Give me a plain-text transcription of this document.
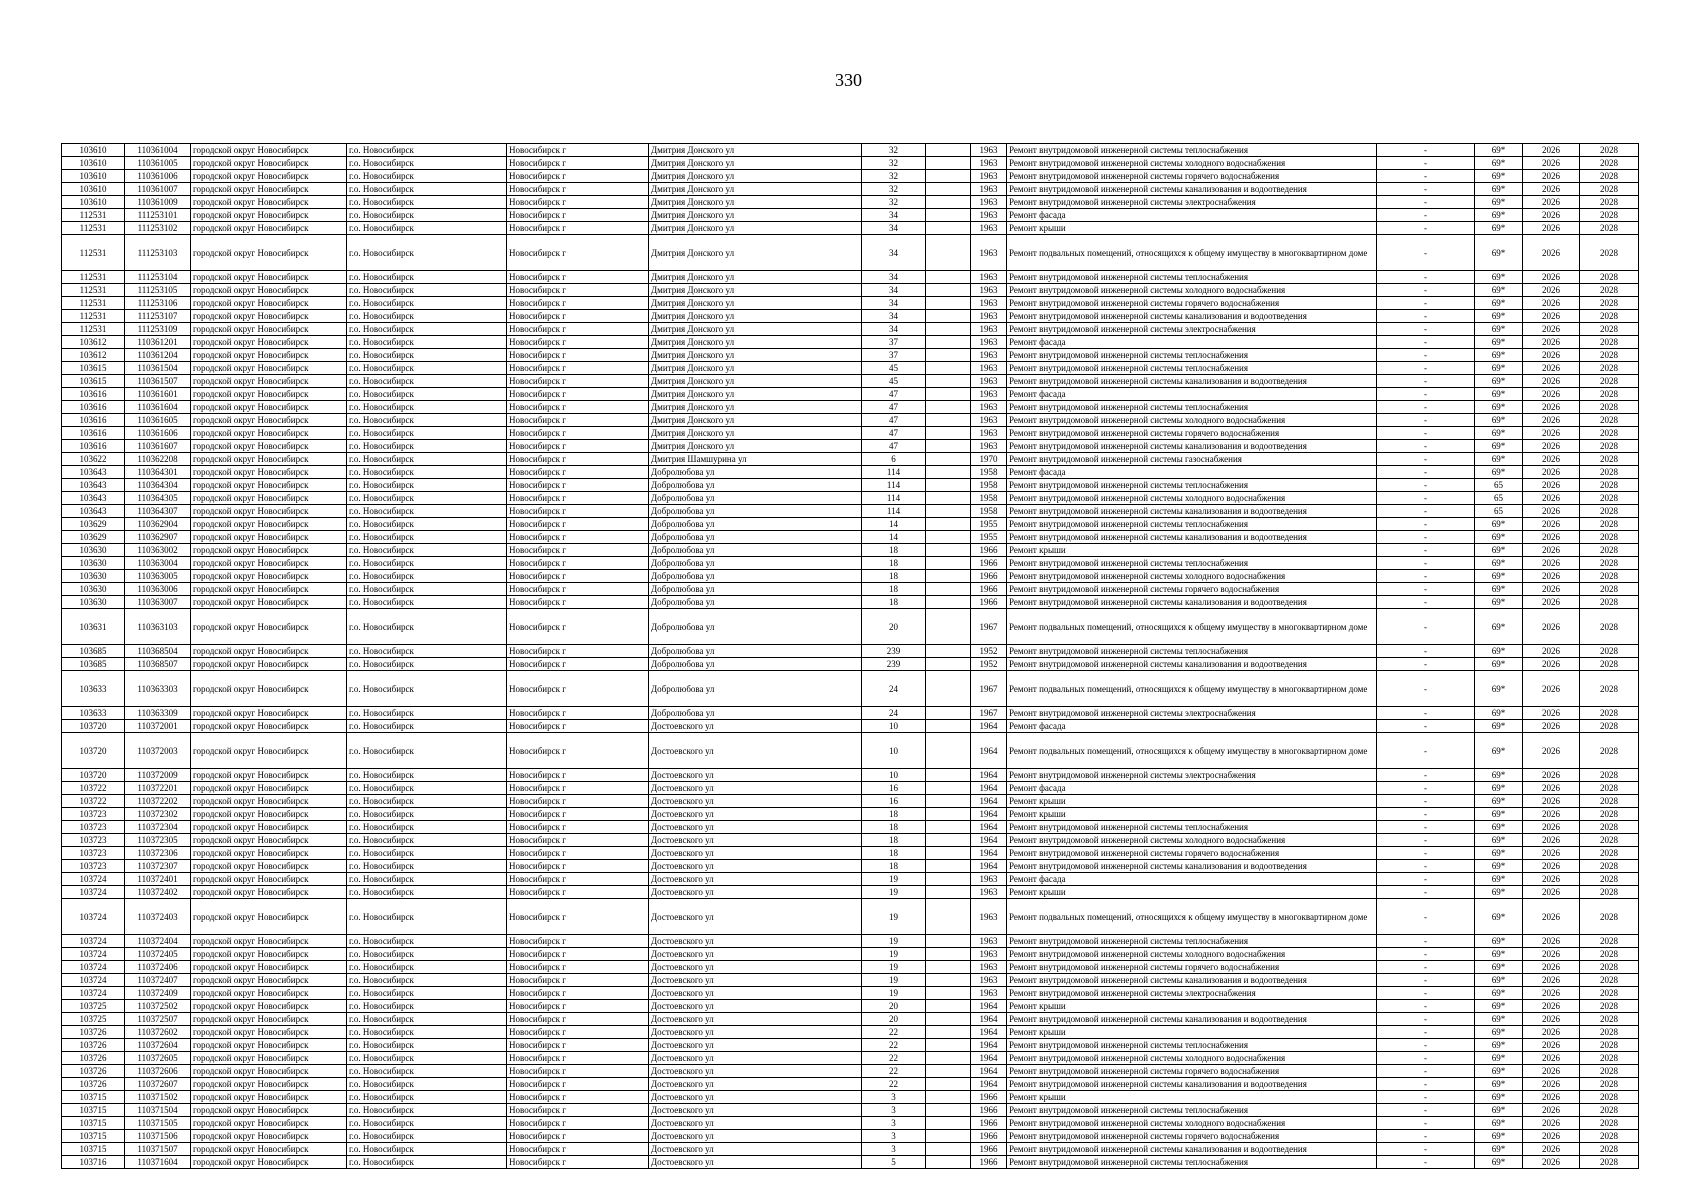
330
103610	110361004	городской округ Новосибирск	г.о. Новосибирск	Новосибирск г	Дмитрия Донского ул	32		1963	Ремонт внутридомовой инженерной системы теплоснабжения	-	69*	2026	2028
103610	110361005	городской округ Новосибирск	г.о. Новосибирск	Новосибирск г	Дмитрия Донского ул	32		1963	Ремонт внутридомовой инженерной системы холодного водоснабжения	-	69*	2026	2028
103610	110361006	городской округ Новосибирск	г.о. Новосибирск	Новосибирск г	Дмитрия Донского ул	32		1963	Ремонт внутридомовой инженерной системы горячего водоснабжения	-	69*	2026	2028
103610	110361007	городской округ Новосибирск	г.о. Новосибирск	Новосибирск г	Дмитрия Донского ул	32		1963	Ремонт внутридомовой инженерной системы канализования и водоотведения	-	69*	2026	2028
103610	110361009	городской округ Новосибирск	г.о. Новосибирск	Новосибирск г	Дмитрия Донского ул	32		1963	Ремонт внутридомовой инженерной системы электроснабжения	-	69*	2026	2028
112531	111253101	городской округ Новосибирск	г.о. Новосибирск	Новосибирск г	Дмитрия Донского ул	34		1963	Ремонт фасада	-	69*	2026	2028
112531	111253102	городской округ Новосибирск	г.о. Новосибирск	Новосибирск г	Дмитрия Донского ул	34		1963	Ремонт крыши	-	69*	2026	2028
112531	111253103	городской округ Новосибирск	г.о. Новосибирск	Новосибирск г	Дмитрия Донского ул	34		1963	Ремонт подвальных помещений, относящихся к общему имуществу в многоквартирном доме	-	69*	2026	2028
112531	111253104	городской округ Новосибирск	г.о. Новосибирск	Новосибирск г	Дмитрия Донского ул	34		1963	Ремонт внутридомовой инженерной системы теплоснабжения	-	69*	2026	2028
112531	111253105	городской округ Новосибирск	г.о. Новосибирск	Новосибирск г	Дмитрия Донского ул	34		1963	Ремонт внутридомовой инженерной системы холодного водоснабжения	-	69*	2026	2028
112531	111253106	городской округ Новосибирск	г.о. Новосибирск	Новосибирск г	Дмитрия Донского ул	34		1963	Ремонт внутридомовой инженерной системы горячего водоснабжения	-	69*	2026	2028
112531	111253107	городской округ Новосибирск	г.о. Новосибирск	Новосибирск г	Дмитрия Донского ул	34		1963	Ремонт внутридомовой инженерной системы канализования и водоотведения	-	69*	2026	2028
112531	111253109	городской округ Новосибирск	г.о. Новосибирск	Новосибирск г	Дмитрия Донского ул	34		1963	Ремонт внутридомовой инженерной системы электроснабжения	-	69*	2026	2028
103612	110361201	городской округ Новосибирск	г.о. Новосибирск	Новосибирск г	Дмитрия Донского ул	37		1963	Ремонт фасада	-	69*	2026	2028
103612	110361204	городской округ Новосибирск	г.о. Новосибирск	Новосибирск г	Дмитрия Донского ул	37		1963	Ремонт внутридомовой инженерной системы теплоснабжения	-	69*	2026	2028
103615	110361504	городской округ Новосибирск	г.о. Новосибирск	Новосибирск г	Дмитрия Донского ул	45		1963	Ремонт внутридомовой инженерной системы теплоснабжения	-	69*	2026	2028
103615	110361507	городской округ Новосибирск	г.о. Новосибирск	Новосибирск г	Дмитрия Донского ул	45		1963	Ремонт внутридомовой инженерной системы канализования и водоотведения	-	69*	2026	2028
103616	110361601	городской округ Новосибирск	г.о. Новосибирск	Новосибирск г	Дмитрия Донского ул	47		1963	Ремонт фасада	-	69*	2026	2028
103616	110361604	городской округ Новосибирск	г.о. Новосибирск	Новосибирск г	Дмитрия Донского ул	47		1963	Ремонт внутридомовой инженерной системы теплоснабжения	-	69*	2026	2028
103616	110361605	городской округ Новосибирск	г.о. Новосибирск	Новосибирск г	Дмитрия Донского ул	47		1963	Ремонт внутридомовой инженерной системы холодного водоснабжения	-	69*	2026	2028
103616	110361606	городской округ Новосибирск	г.о. Новосибирск	Новосибирск г	Дмитрия Донского ул	47		1963	Ремонт внутридомовой инженерной системы горячего водоснабжения	-	69*	2026	2028
103616	110361607	городской округ Новосибирск	г.о. Новосибирск	Новосибирск г	Дмитрия Донского ул	47		1963	Ремонт внутридомовой инженерной системы канализования и водоотведения	-	69*	2026	2028
103622	110362208	городской округ Новосибирск	г.о. Новосибирск	Новосибирск г	Дмитрия Шамшурина ул	6		1970	Ремонт внутридомовой инженерной системы газоснабжения	-	69*	2026	2028
103643	110364301	городской округ Новосибирск	г.о. Новосибирск	Новосибирск г	Добролюбова ул	114		1958	Ремонт фасада	-	69*	2026	2028
103643	110364304	городской округ Новосибирск	г.о. Новосибирск	Новосибирск г	Добролюбова ул	114		1958	Ремонт внутридомовой инженерной системы теплоснабжения	-	65	2026	2028
103643	110364305	городской округ Новосибирск	г.о. Новосибирск	Новосибирск г	Добролюбова ул	114		1958	Ремонт внутридомовой инженерной системы холодного водоснабжения	-	65	2026	2028
103643	110364307	городской округ Новосибирск	г.о. Новосибирск	Новосибирск г	Добролюбова ул	114		1958	Ремонт внутридомовой инженерной системы канализования и водоотведения	-	65	2026	2028
103629	110362904	городской округ Новосибирск	г.о. Новосибирск	Новосибирск г	Добролюбова ул	14		1955	Ремонт внутридомовой инженерной системы теплоснабжения	-	69*	2026	2028
103629	110362907	городской округ Новосибирск	г.о. Новосибирск	Новосибирск г	Добролюбова ул	14		1955	Ремонт внутридомовой инженерной системы канализования и водоотведения	-	69*	2026	2028
103630	110363002	городской округ Новосибирск	г.о. Новосибирск	Новосибирск г	Добролюбова ул	18		1966	Ремонт крыши	-	69*	2026	2028
103630	110363004	городской округ Новосибирск	г.о. Новосибирск	Новосибирск г	Добролюбова ул	18		1966	Ремонт внутридомовой инженерной системы теплоснабжения	-	69*	2026	2028
103630	110363005	городской округ Новосибирск	г.о. Новосибирск	Новосибирск г	Добролюбова ул	18		1966	Ремонт внутридомовой инженерной системы холодного водоснабжения	-	69*	2026	2028
103630	110363006	городской округ Новосибирск	г.о. Новосибирск	Новосибирск г	Добролюбова ул	18		1966	Ремонт внутридомовой инженерной системы горячего водоснабжения	-	69*	2026	2028
103630	110363007	городской округ Новосибирск	г.о. Новосибирск	Новосибирск г	Добролюбова ул	18		1966	Ремонт внутридомовой инженерной системы канализования и водоотведения	-	69*	2026	2028
103631	110363103	городской округ Новосибирск	г.о. Новосибирск	Новосибирск г	Добролюбова ул	20		1967	Ремонт подвальных помещений, относящихся к общему имуществу в многоквартирном доме	-	69*	2026	2028
103685	110368504	городской округ Новосибирск	г.о. Новосибирск	Новосибирск г	Добролюбова ул	239		1952	Ремонт внутридомовой инженерной системы теплоснабжения	-	69*	2026	2028
103685	110368507	городской округ Новосибирск	г.о. Новосибирск	Новосибирск г	Добролюбова ул	239		1952	Ремонт внутридомовой инженерной системы канализования и водоотведения	-	69*	2026	2028
103633	110363303	городской округ Новосибирск	г.о. Новосибирск	Новосибирск г	Добролюбова ул	24		1967	Ремонт подвальных помещений, относящихся к общему имуществу в многоквартирном доме	-	69*	2026	2028
103633	110363309	городской округ Новосибирск	г.о. Новосибирск	Новосибирск г	Добролюбова ул	24		1967	Ремонт внутридомовой инженерной системы электроснабжения	-	69*	2026	2028
103720	110372001	городской округ Новосибирск	г.о. Новосибирск	Новосибирск г	Достоевского ул	10		1964	Ремонт фасада	-	69*	2026	2028
103720	110372003	городской округ Новосибирск	г.о. Новосибирск	Новосибирск г	Достоевского ул	10		1964	Ремонт подвальных помещений, относящихся к общему имуществу в многоквартирном доме	-	69*	2026	2028
103720	110372009	городской округ Новосибирск	г.о. Новосибирск	Новосибирск г	Достоевского ул	10		1964	Ремонт внутридомовой инженерной системы электроснабжения	-	69*	2026	2028
103722	110372201	городской округ Новосибирск	г.о. Новосибирск	Новосибирск г	Достоевского ул	16		1964	Ремонт фасада	-	69*	2026	2028
103722	110372202	городской округ Новосибирск	г.о. Новосибирск	Новосибирск г	Достоевского ул	16		1964	Ремонт крыши	-	69*	2026	2028
103723	110372302	городской округ Новосибирск	г.о. Новосибирск	Новосибирск г	Достоевского ул	18		1964	Ремонт крыши	-	69*	2026	2028
103723	110372304	городской округ Новосибирск	г.о. Новосибирск	Новосибирск г	Достоевского ул	18		1964	Ремонт внутридомовой инженерной системы теплоснабжения	-	69*	2026	2028
103723	110372305	городской округ Новосибирск	г.о. Новосибирск	Новосибирск г	Достоевского ул	18		1964	Ремонт внутридомовой инженерной системы холодного водоснабжения	-	69*	2026	2028
103723	110372306	городской округ Новосибирск	г.о. Новосибирск	Новосибирск г	Достоевского ул	18		1964	Ремонт внутридомовой инженерной системы горячего водоснабжения	-	69*	2026	2028
103723	110372307	городской округ Новосибирск	г.о. Новосибирск	Новосибирск г	Достоевского ул	18		1964	Ремонт внутридомовой инженерной системы канализования и водоотведения	-	69*	2026	2028
103724	110372401	городской округ Новосибирск	г.о. Новосибирск	Новосибирск г	Достоевского ул	19		1963	Ремонт фасада	-	69*	2026	2028
103724	110372402	городской округ Новосибирск	г.о. Новосибирск	Новосибирск г	Достоевского ул	19		1963	Ремонт крыши	-	69*	2026	2028
103724	110372403	городской округ Новосибирск	г.о. Новосибирск	Новосибирск г	Достоевского ул	19		1963	Ремонт подвальных помещений, относящихся к общему имуществу в многоквартирном доме	-	69*	2026	2028
103724	110372404	городской округ Новосибирск	г.о. Новосибирск	Новосибирск г	Достоевского ул	19		1963	Ремонт внутридомовой инженерной системы теплоснабжения	-	69*	2026	2028
103724	110372405	городской округ Новосибирск	г.о. Новосибирск	Новосибирск г	Достоевского ул	19		1963	Ремонт внутридомовой инженерной системы холодного водоснабжения	-	69*	2026	2028
103724	110372406	городской округ Новосибирск	г.о. Новосибирск	Новосибирск г	Достоевского ул	19		1963	Ремонт внутридомовой инженерной системы горячего водоснабжения	-	69*	2026	2028
103724	110372407	городской округ Новосибирск	г.о. Новосибирск	Новосибирск г	Достоевского ул	19		1963	Ремонт внутридомовой инженерной системы канализования и водоотведения	-	69*	2026	2028
103724	110372409	городской округ Новосибирск	г.о. Новосибирск	Новосибирск г	Достоевского ул	19		1963	Ремонт внутридомовой инженерной системы электроснабжения	-	69*	2026	2028
103725	110372502	городской округ Новосибирск	г.о. Новосибирск	Новосибирск г	Достоевского ул	20		1964	Ремонт крыши	-	69*	2026	2028
103725	110372507	городской округ Новосибирск	г.о. Новосибирск	Новосибирск г	Достоевского ул	20		1964	Ремонт внутридомовой инженерной системы канализования и водоотведения	-	69*	2026	2028
103726	110372602	городской округ Новосибирск	г.о. Новосибирск	Новосибирск г	Достоевского ул	22		1964	Ремонт крыши	-	69*	2026	2028
103726	110372604	городской округ Новосибирск	г.о. Новосибирск	Новосибирск г	Достоевского ул	22		1964	Ремонт внутридомовой инженерной системы теплоснабжения	-	69*	2026	2028
103726	110372605	городской округ Новосибирск	г.о. Новосибирск	Новосибирск г	Достоевского ул	22		1964	Ремонт внутридомовой инженерной системы холодного водоснабжения	-	69*	2026	2028
103726	110372606	городской округ Новосибирск	г.о. Новосибирск	Новосибирск г	Достоевского ул	22		1964	Ремонт внутридомовой инженерной системы горячего водоснабжения	-	69*	2026	2028
103726	110372607	городской округ Новосибирск	г.о. Новосибирск	Новосибирск г	Достоевского ул	22		1964	Ремонт внутридомовой инженерной системы канализования и водоотведения	-	69*	2026	2028
103715	110371502	городской округ Новосибирск	г.о. Новосибирск	Новосибирск г	Достоевского ул	3		1966	Ремонт крыши	-	69*	2026	2028
103715	110371504	городской округ Новосибирск	г.о. Новосибирск	Новосибирск г	Достоевского ул	3		1966	Ремонт внутридомовой инженерной системы теплоснабжения	-	69*	2026	2028
103715	110371505	городской округ Новосибирск	г.о. Новосибирск	Новосибирск г	Достоевского ул	3		1966	Ремонт внутридомовой инженерной системы холодного водоснабжения	-	69*	2026	2028
103715	110371506	городской округ Новосибирск	г.о. Новосибирск	Новосибирск г	Достоевского ул	3		1966	Ремонт внутридомовой инженерной системы горячего водоснабжения	-	69*	2026	2028
103715	110371507	городской округ Новосибирск	г.о. Новосибирск	Новосибирск г	Достоевского ул	3		1966	Ремонт внутридомовой инженерной системы канализования и водоотведения	-	69*	2026	2028
103716	110371604	городской округ Новосибирск	г.о. Новосибирск	Новосибирск г	Достоевского ул	5		1966	Ремонт внутридомовой инженерной системы теплоснабжения	-	69*	2026	2028
